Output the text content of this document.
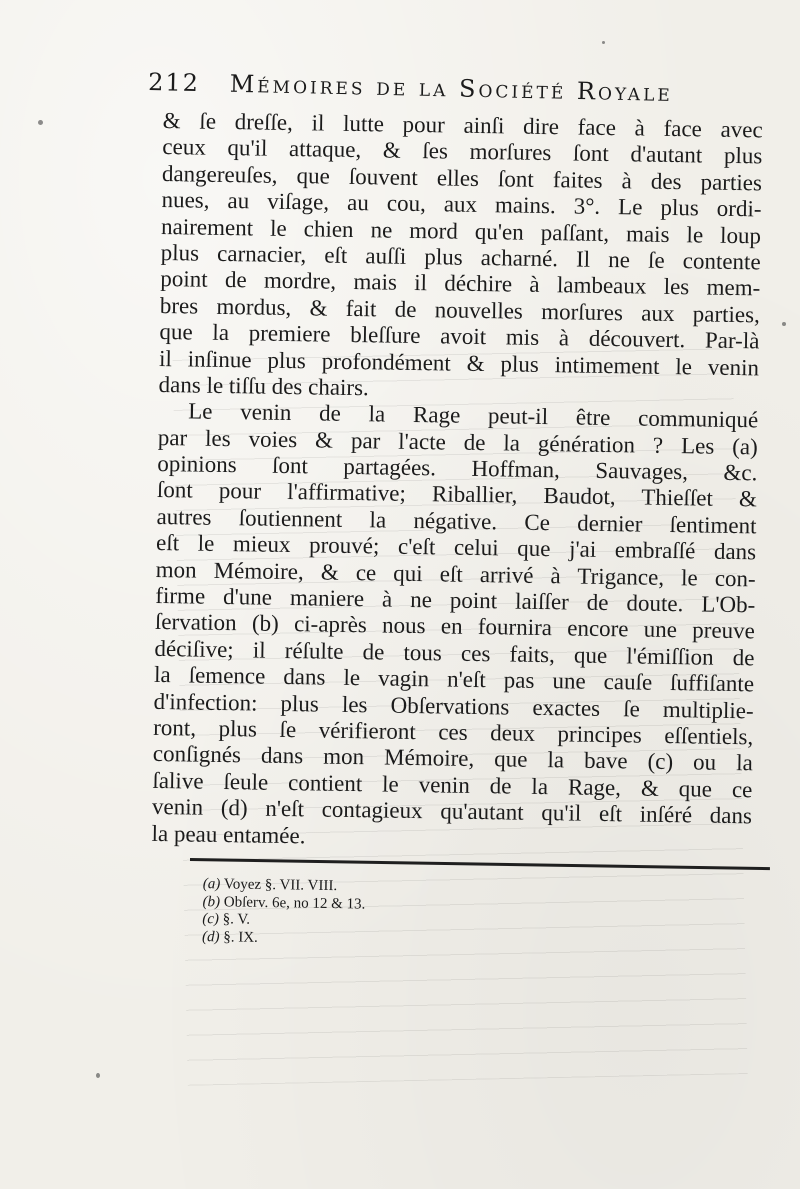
212 Mémoires de la Société Royale
& ſe dreſſe, il lutte pour ainſi dire face à face avec
ceux qu'il attaque, & ſes morſures ſont d'autant plus
dangereuſes, que ſouvent elles ſont faites à des parties
nues, au viſage, au cou, aux mains. 3°. Le plus ordi-
nairement le chien ne mord qu'en paſſant, mais le loup
plus carnacier, eſt auſſi plus acharné. Il ne ſe contente
point de mordre, mais il déchire à lambeaux les mem-
bres mordus, & fait de nouvelles morſures aux parties,
que la premiere bleſſure avoit mis à découvert. Par-là
il inſinue plus profondément & plus intimement le venin
dans le tiſſu des chairs.
Le venin de la Rage peut-il être communiqué
par les voies & par l'acte de la génération ? Les (a)
opinions ſont partagées. Hoffman, Sauvages, &c.
ſont pour l'affirmative; Riballier, Baudot, Thieſſet &
autres ſoutiennent la négative. Ce dernier ſentiment
eſt le mieux prouvé; c'eſt celui que j'ai embraſſé dans
mon Mémoire, & ce qui eſt arrivé à Trigance, le con-
firme d'une maniere à ne point laiſſer de doute. L'Ob-
ſervation (b) ci-après nous en fournira encore une preuve
déciſive; il réſulte de tous ces faits, que l'émiſſion de
la ſemence dans le vagin n'eſt pas une cauſe ſuffiſante
d'infection: plus les Obſervations exactes ſe multiplie-
ront, plus ſe vérifieront ces deux principes eſſentiels,
conſignés dans mon Mémoire, que la bave (c) ou la
ſalive ſeule contient le venin de la Rage, & que ce
venin (d) n'eſt contagieux qu'autant qu'il eſt inſéré dans
la peau entamée.
(a) Voyez §. VII. VIII.
(b) Obſerv. 6e, no 12 & 13.
(c) §. V.
(d) §. IX.
